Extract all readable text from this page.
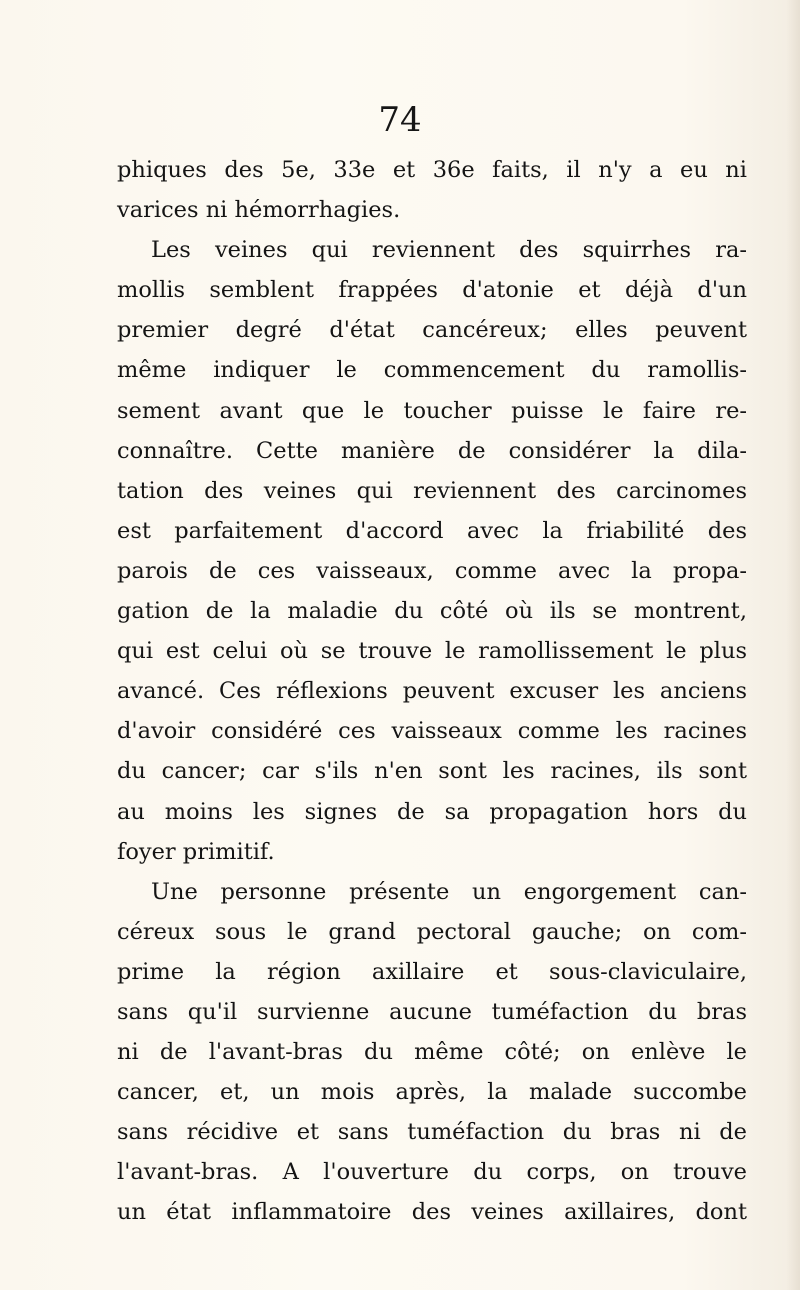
74
phiques des 5e, 33e et 36e faits, il n'y a eu ni
varices ni hémorrhagies.
Les veines qui reviennent des squirrhes ra-
mollis semblent frappées d'atonie et déjà d'un
premier degré d'état cancéreux; elles peuvent
même indiquer le commencement du ramollis-
sement avant que le toucher puisse le faire re-
connaître. Cette manière de considérer la dila-
tation des veines qui reviennent des carcinomes
est parfaitement d'accord avec la friabilité des
parois de ces vaisseaux, comme avec la propa-
gation de la maladie du côté où ils se montrent,
qui est celui où se trouve le ramollissement le plus
avancé. Ces réflexions peuvent excuser les anciens
d'avoir considéré ces vaisseaux comme les racines
du cancer; car s'ils n'en sont les racines, ils sont
au moins les signes de sa propagation hors du
foyer primitif.
Une personne présente un engorgement can-
céreux sous le grand pectoral gauche; on com-
prime la région axillaire et sous-claviculaire,
sans qu'il survienne aucune tuméfaction du bras
ni de l'avant-bras du même côté; on enlève le
cancer, et, un mois après, la malade succombe
sans récidive et sans tuméfaction du bras ni de
l'avant-bras. A l'ouverture du corps, on trouve
un état inflammatoire des veines axillaires, dont
